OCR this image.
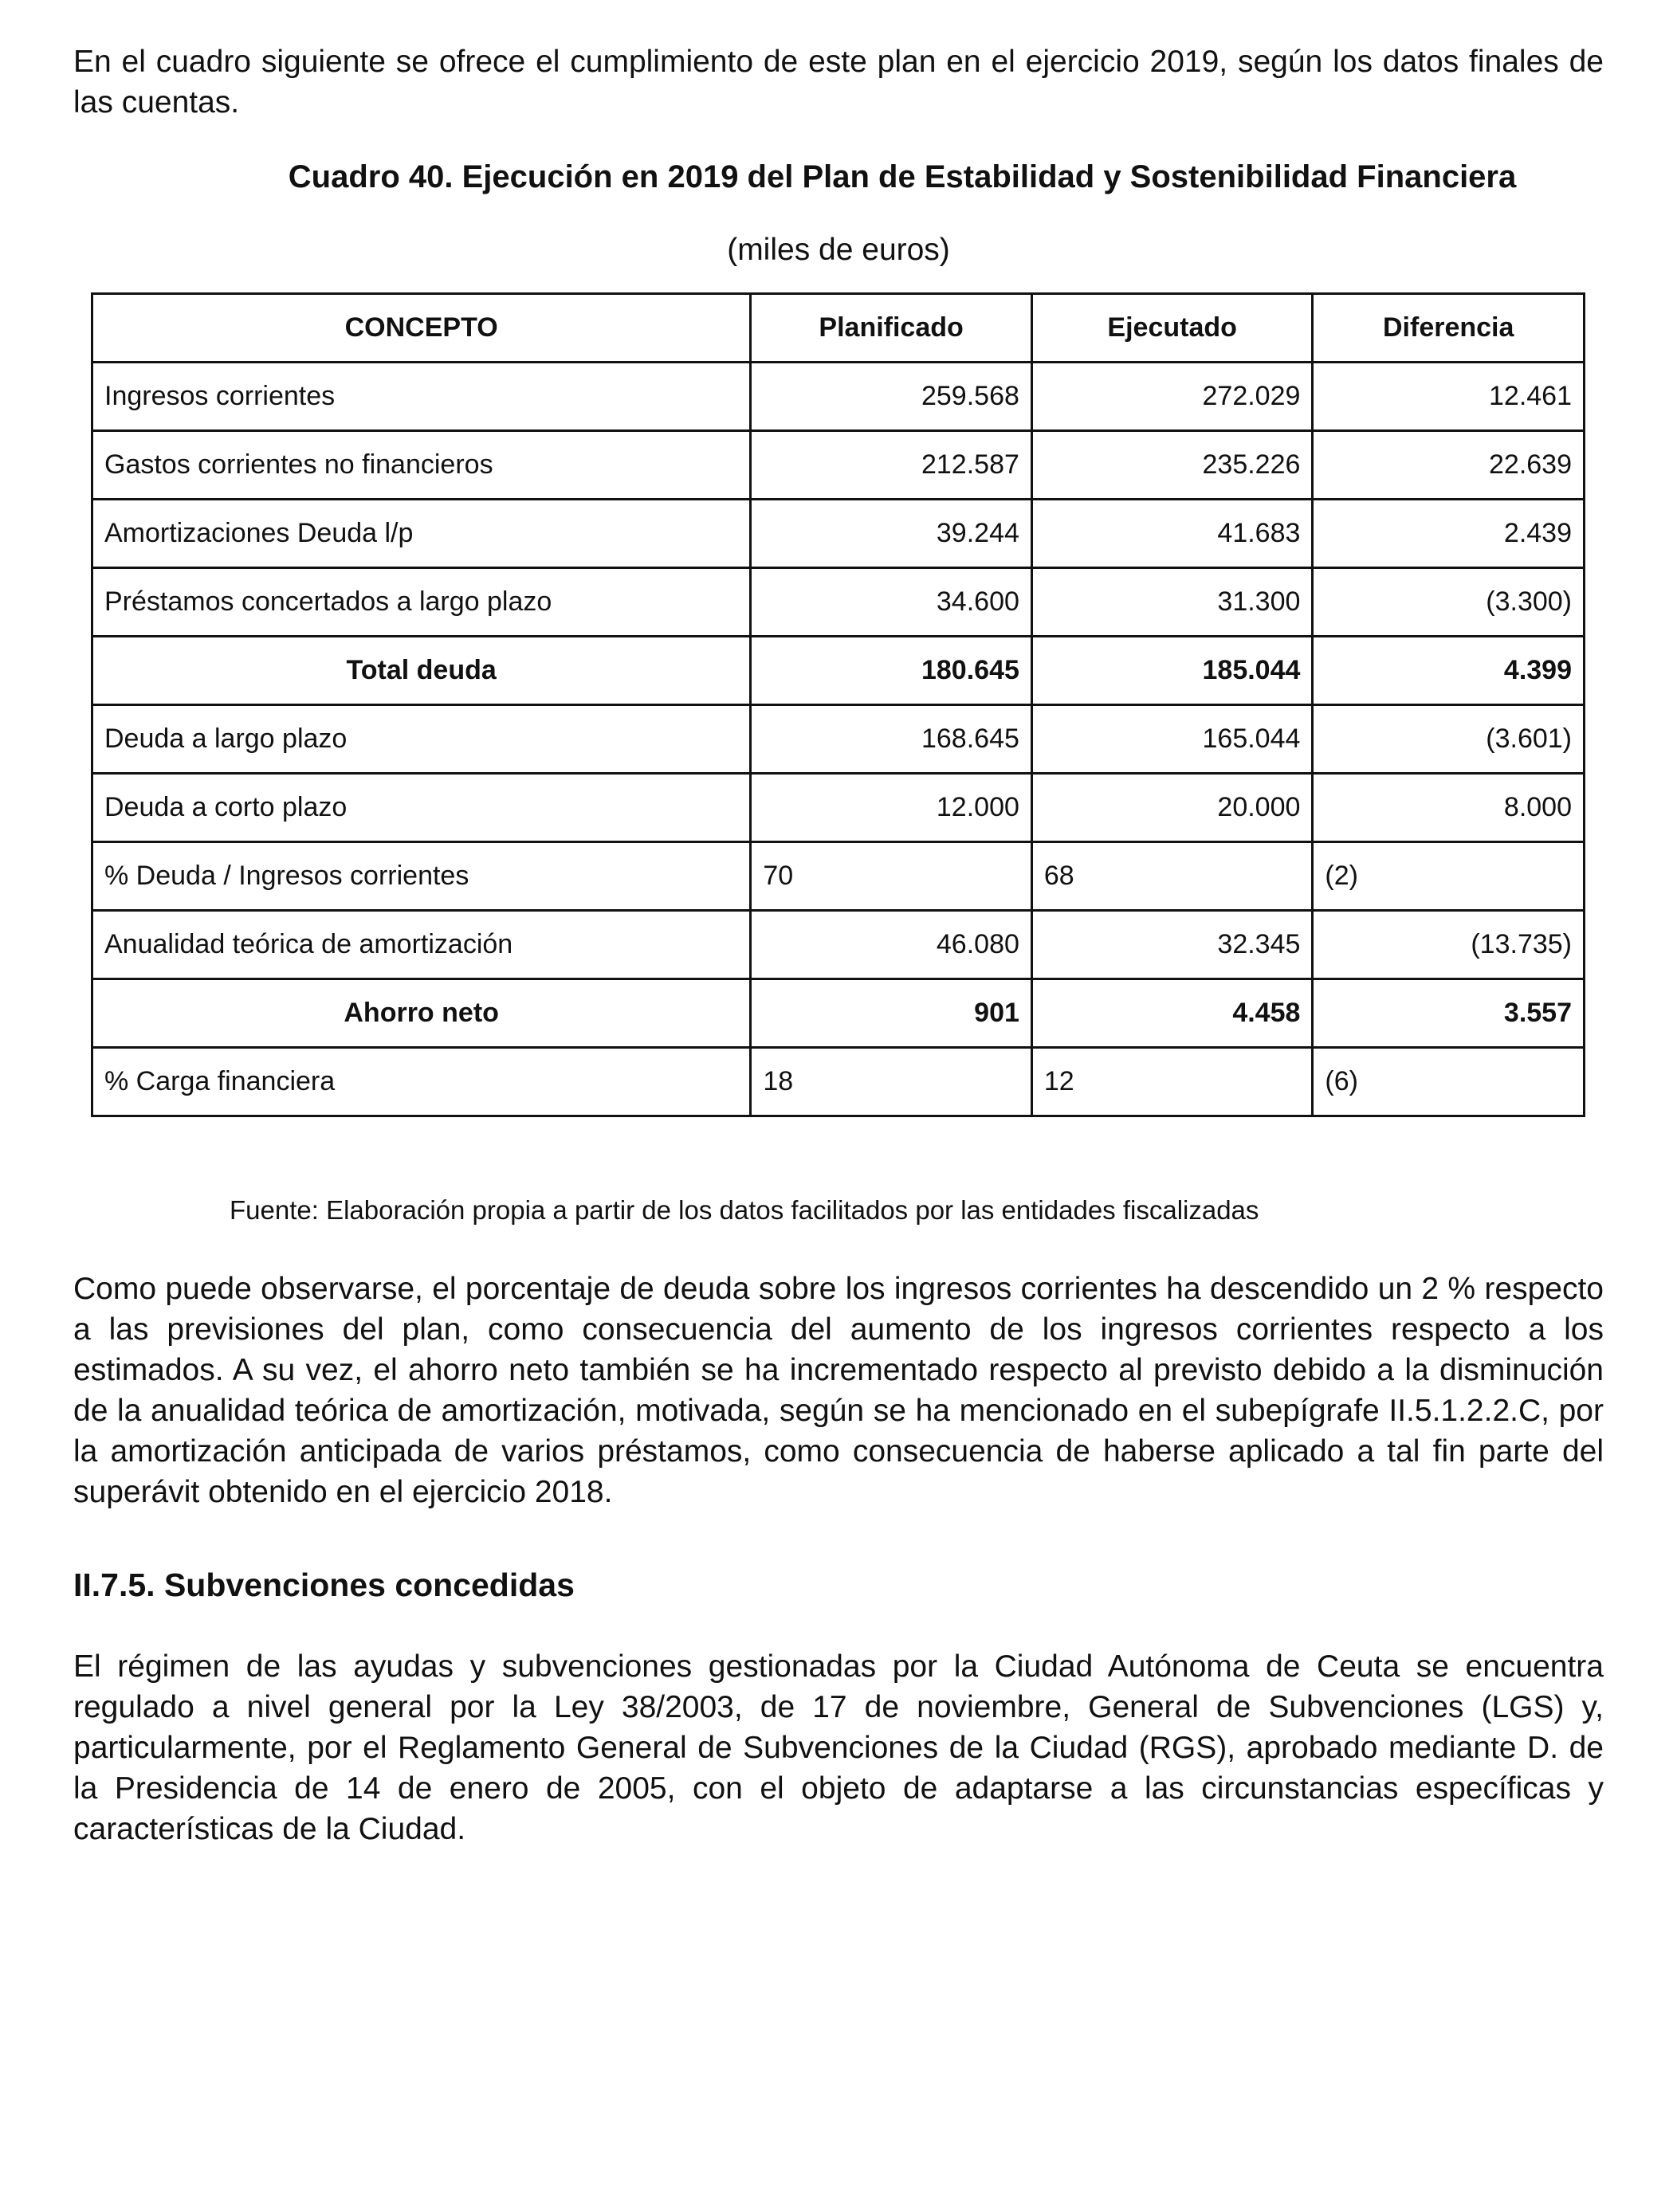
En el cuadro siguiente se ofrece el cumplimiento de este plan en el ejercicio 2019, según los datos finales de las cuentas.

Cuadro 40. Ejecución en 2019 del Plan de Estabilidad y Sostenibilidad Financiera

(miles de euros)

CONCEPTO	Planificado	Ejecutado	Diferencia
Ingresos corrientes	259.568	272.029	12.461
Gastos corrientes no financieros	212.587	235.226	22.639
Amortizaciones Deuda l/p	39.244	41.683	2.439
Préstamos concertados a largo plazo	34.600	31.300	(3.300)
Total deuda	180.645	185.044	4.399
Deuda a largo plazo	168.645	165.044	(3.601)
Deuda a corto plazo	12.000	20.000	8.000
% Deuda / Ingresos corrientes	70	68	(2)
Anualidad teórica de amortización	46.080	32.345	(13.735)
Ahorro neto	901	4.458	3.557
% Carga financiera	18	12	(6)

Fuente: Elaboración propia a partir de los datos facilitados por las entidades fiscalizadas

Como puede observarse, el porcentaje de deuda sobre los ingresos corrientes ha descendido un 2 % respecto a las previsiones del plan, como consecuencia del aumento de los ingresos corrientes respecto a los estimados. A su vez, el ahorro neto también se ha incrementado respecto al previsto debido a la disminución de la anualidad teórica de amortización, motivada, según se ha mencionado en el subepígrafe II.5.1.2.2.C, por la amortización anticipada de varios préstamos, como consecuencia de haberse aplicado a tal fin parte del superávit obtenido en el ejercicio 2018.

II.7.5. Subvenciones concedidas

El régimen de las ayudas y subvenciones gestionadas por la Ciudad Autónoma de Ceuta se encuentra regulado a nivel general por la Ley 38/2003, de 17 de noviembre, General de Subvenciones (LGS) y, particularmente, por el Reglamento General de Subvenciones de la Ciudad (RGS), aprobado mediante D. de la Presidencia de 14 de enero de 2005, con el objeto de adaptarse a las circunstancias específicas y características de la Ciudad.
